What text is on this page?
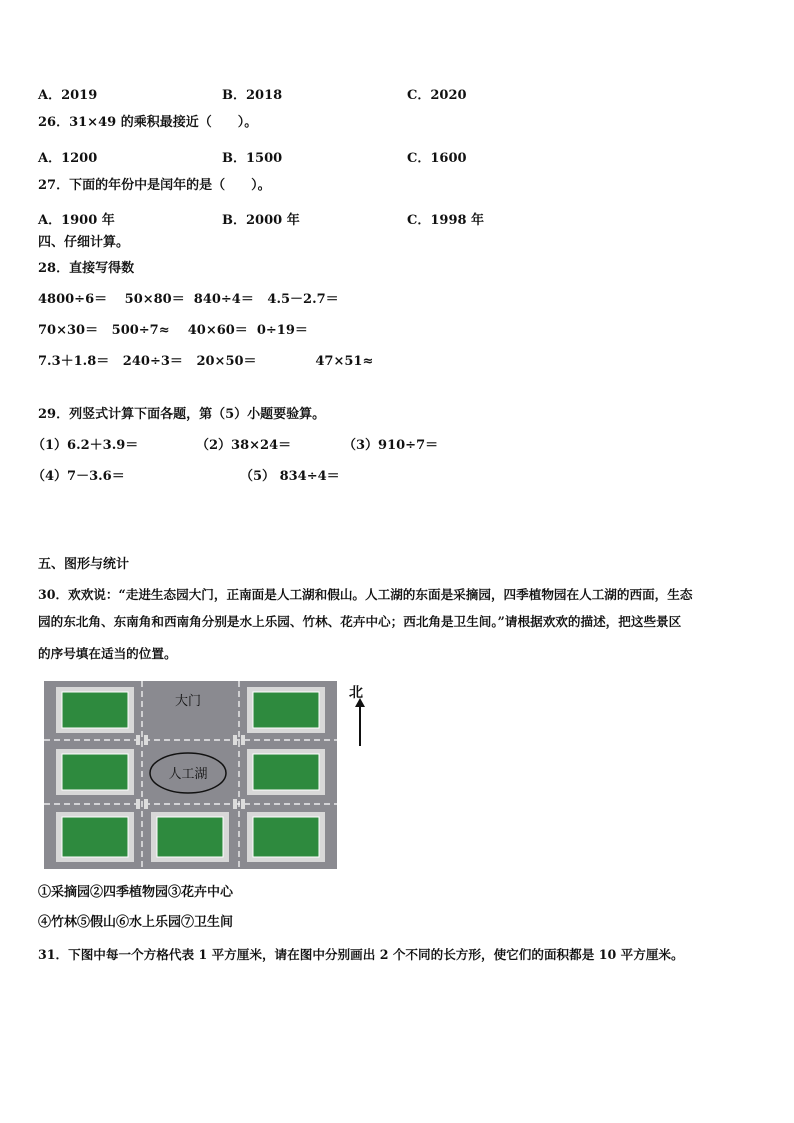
A．2019	B．2018	C．2020
26．31×49 的乘积最接近（　　）。
A．1200	B．1500	C．1600
27．下面的年份中是闰年的是（　　）。
A．1900 年	B．2000 年	C．1998 年
四、仔细计算。
28．直接写得数
4800÷6＝　 50×80＝  840÷4＝   4.5－2.7＝
70×30＝   500÷7≈    40×60＝  0÷19＝
7.3＋1.8＝   240÷3＝   20×50＝             47×51≈
29．列竖式计算下面各题，第（5）小题要验算。
（1）6.2＋3.9＝	（2）38×24＝	（3）910÷7＝
（4）7－3.6＝	（5） 834÷4＝
五、图形与统计
30．欢欢说：“走进生态园大门，正南面是人工湖和假山。人工湖的东面是采摘园，四季植物园在人工湖的西面，生态
园的东北角、东南角和西南角分别是水上乐园、竹林、花卉中心；西北角是卫生间。”请根据欢欢的描述，把这些景区
的序号填在适当的位置。
人工湖
大门
北
①采摘园②四季植物园③花卉中心
④竹林⑤假山⑥水上乐园⑦卫生间
31．下图中每一个方格代表 1 平方厘米，请在图中分别画出 2 个不同的长方形，使它们的面积都是 10 平方厘米。
